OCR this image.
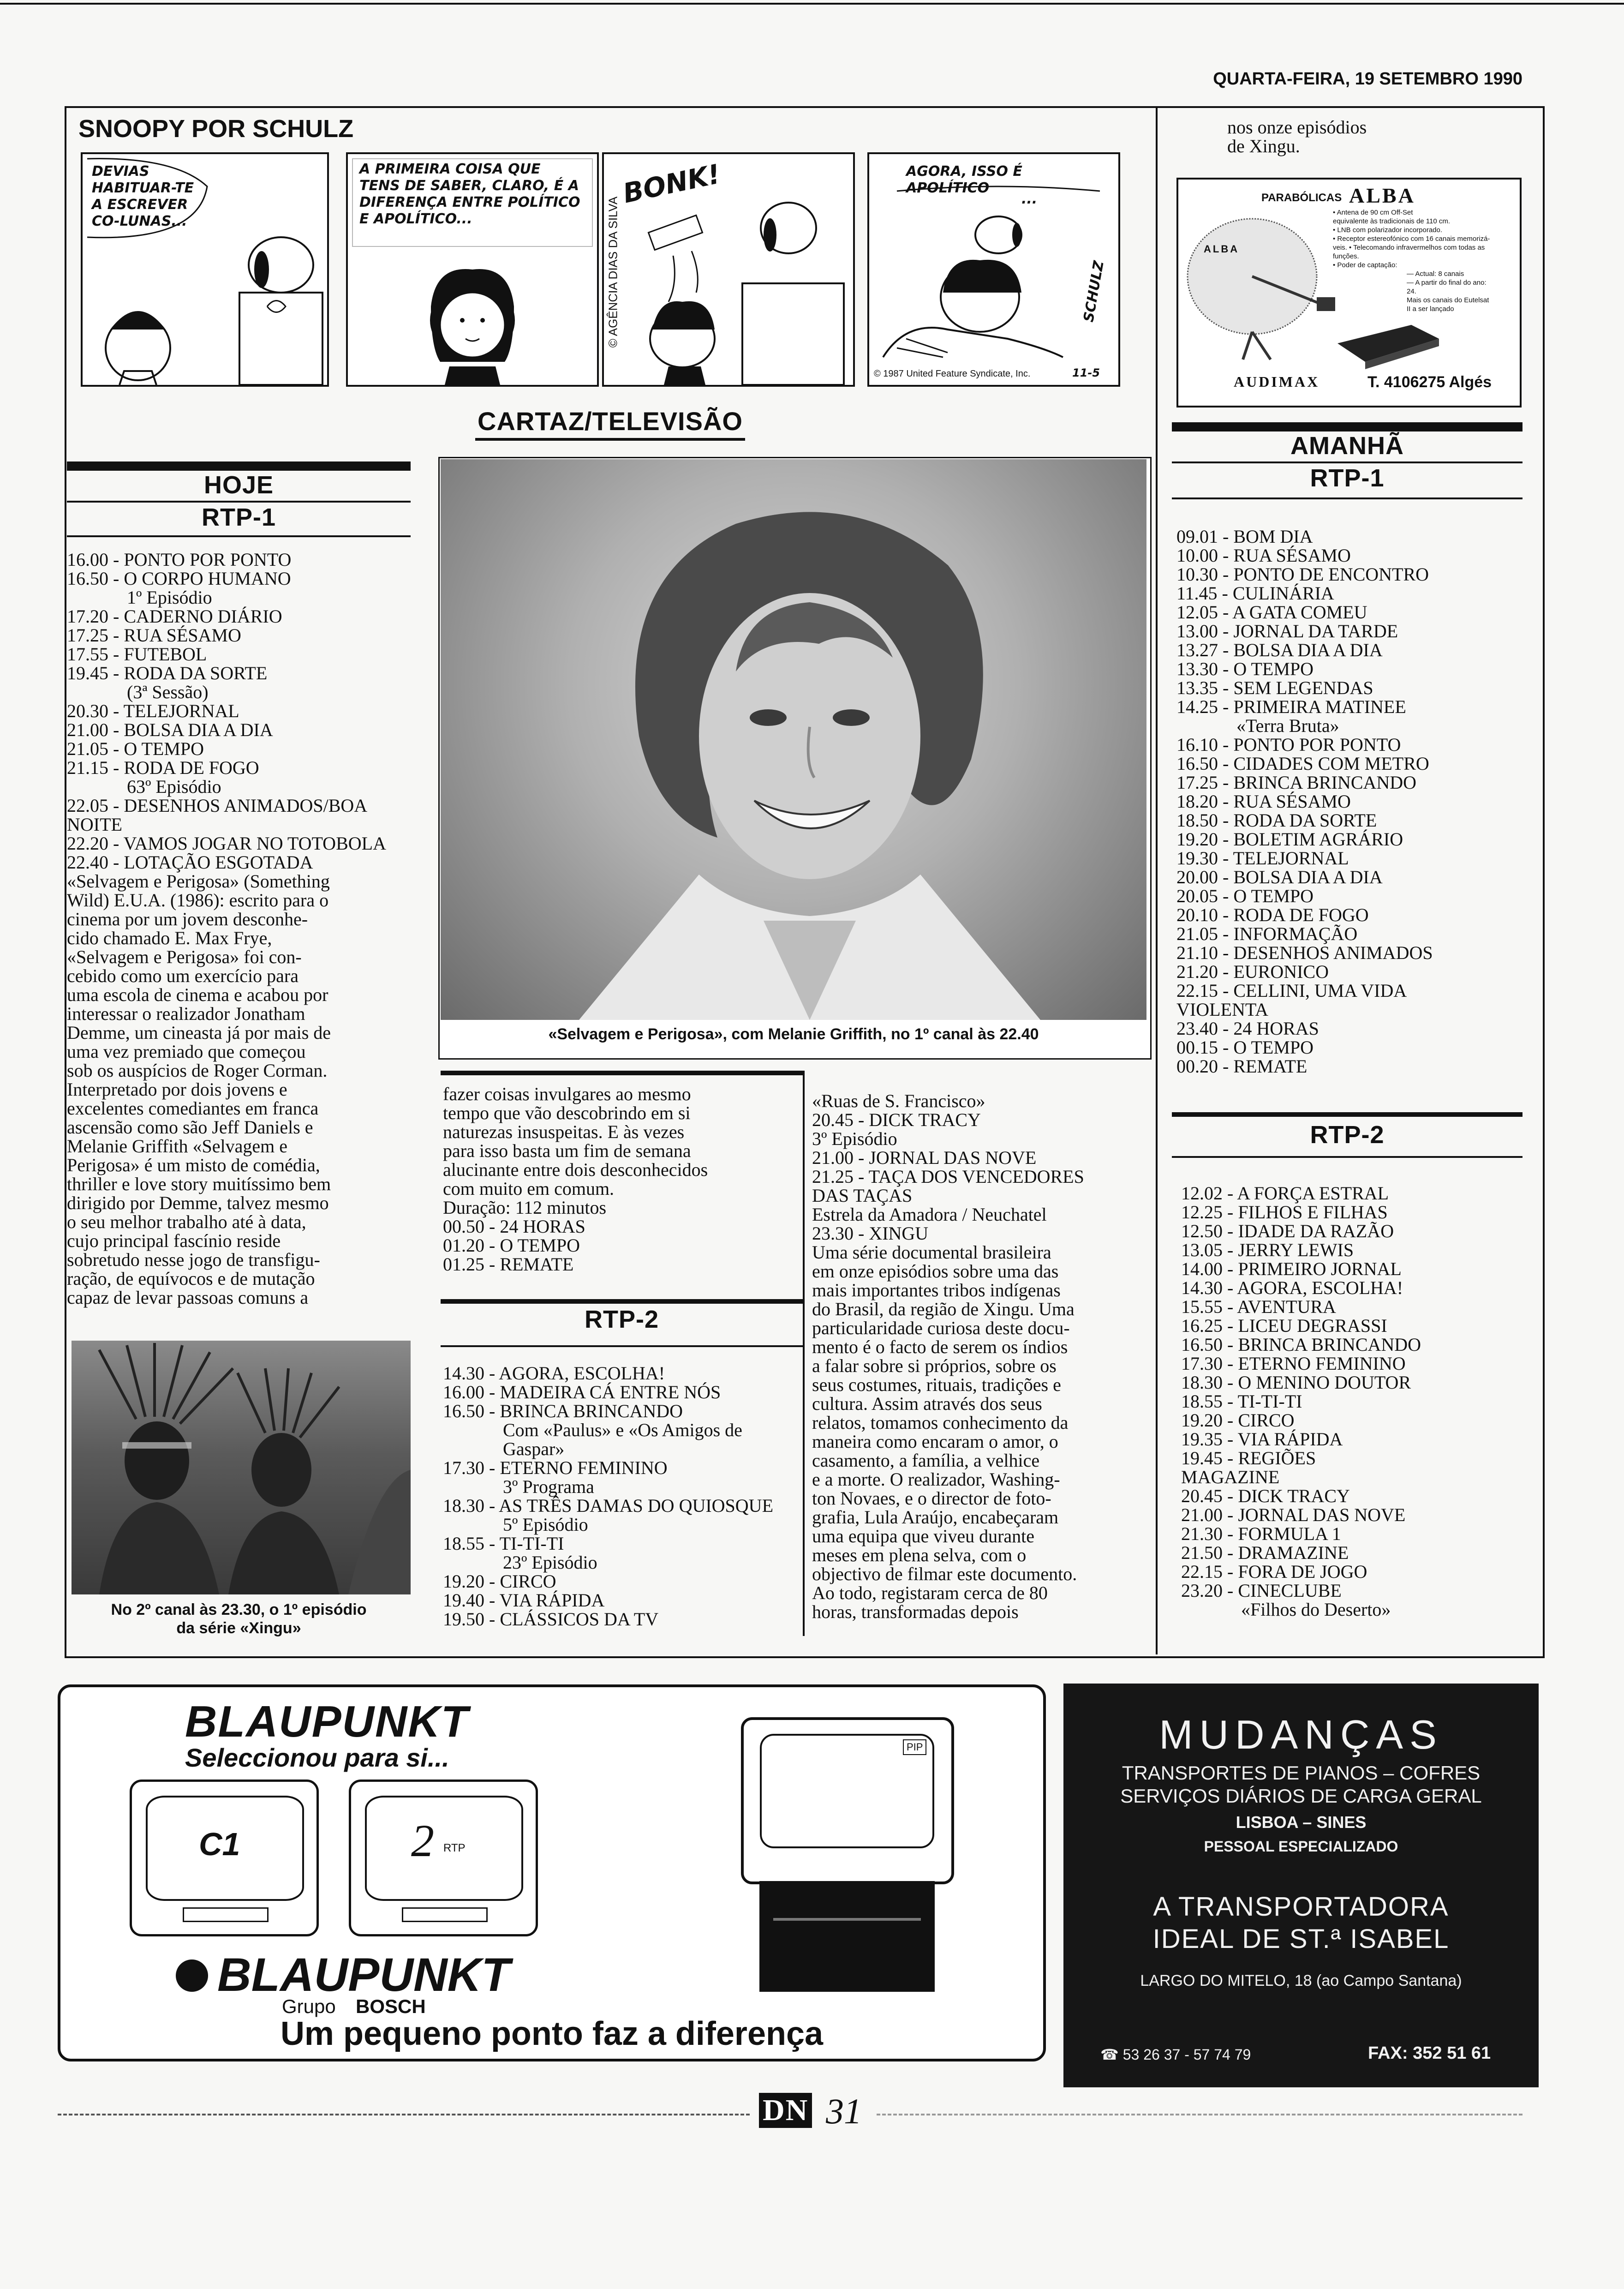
QUARTA-FEIRA, 19 SETEMBRO 1990
SNOOPY POR SCHULZ
DEVIAS HABITUAR-TE A ESCREVER CO-LUNAS...
A PRIMEIRA COISA QUE TENS DE SABER, CLARO, É A DIFERENÇA ENTRE POLÍTICO E APOLÍTICO...
BONK!
© AGÊNCIA DIAS DA SILVA
AGORA, ISSO É APOLÍTICO
...
SCHULZ
© 1987 United Feature Syndicate, Inc.	11-5
CARTAZ/TELEVISÃO
HOJE
RTP-1
16.00 - PONTO POR PONTO
16.50 - O CORPO HUMANO
1º Episódio
17.20 - CADERNO DIÁRIO
17.25 - RUA SÉSAMO
17.55 - FUTEBOL
19.45 - RODA DA SORTE
(3ª Sessão)
20.30 - TELEJORNAL
21.00 - BOLSA DIA A DIA
21.05 - O TEMPO
21.15 - RODA DE FOGO
63º Episódio
22.05 - DESENHOS ANIMADOS/BOA
NOITE
22.20 - VAMOS JOGAR NO TOTOBOLA
22.40 - LOTAÇÃO ESGOTADA
«Selvagem e Perigosa» (Something
Wild) E.U.A. (1986): escrito para o
cinema por um jovem desconhe-
cido chamado E. Max Frye,
«Selvagem e Perigosa» foi con-
cebido como um exercício para
uma escola de cinema e acabou por
interessar o realizador Jonatham
Demme, um cineasta já por mais de
uma vez premiado que começou
sob os auspícios de Roger Corman.
Interpretado por dois jovens e
excelentes comediantes em franca
ascensão como são Jeff Daniels e
Melanie Griffith «Selvagem e
Perigosa» é um misto de comédia,
thriller e love story muitíssimo bem
dirigido por Demme, talvez mesmo
o seu melhor trabalho até à data,
cujo principal fascínio reside
sobretudo nesse jogo de transfigu-
ração, de equívocos e de mutação
capaz de levar passoas comuns a
No 2º canal às 23.30, o 1º episódio
da série «Xingu»
«Selvagem e Perigosa», com Melanie Griffith, no 1º canal às 22.40
fazer coisas invulgares ao mesmo
tempo que vão descobrindo em si
naturezas insuspeitas. E às vezes
para isso basta um fim de semana
alucinante entre dois desconhecidos
com muito em comum.
Duração: 112 minutos
00.50 - 24 HORAS
01.20 - O TEMPO
01.25 - REMATE
RTP-2
14.30 - AGORA, ESCOLHA!
16.00 - MADEIRA CÁ ENTRE NÓS
16.50 - BRINCA BRINCANDO
Com «Paulus» e «Os Amigos de
Gaspar»
17.30 - ETERNO FEMININO
3º Programa
18.30 - AS TRÊS DAMAS DO QUIOSQUE
5º Episódio
18.55 - TI-TI-TI
23º Episódio
19.20 - CIRCO
19.40 - VIA RÁPIDA
19.50 - CLÁSSICOS DA TV
«Ruas de S. Francisco»
20.45 - DICK TRACY
3º Episódio
21.00 - JORNAL DAS NOVE
21.25 - TAÇA DOS VENCEDORES
DAS TAÇAS
Estrela da Amadora / Neuchatel
23.30 - XINGU
Uma série documental brasileira
em onze episódios sobre uma das
mais importantes tribos indígenas
do Brasil, da região de Xingu. Uma
particularidade curiosa deste docu-
mento é o facto de serem os índios
a falar sobre si próprios, sobre os
seus costumes, rituais, tradições e
cultura. Assim através dos seus
relatos, tomamos conhecimento da
maneira como encaram o amor, o
casamento, a família, a velhice
e a morte. O realizador, Washing-
ton Novaes, e o director de foto-
grafia, Lula Araújo, encabeçaram
uma equipa que viveu durante
meses em plena selva, com o
objectivo de filmar este documento.
Ao todo, registaram cerca de 80
horas, transformadas depois
nos onze episódios
de Xingu.
PARABÓLICAS ALBA
ALBA
• Antena de 90 cm Off-Set
equivalente às tradicionais de 110 cm.
• LNB com polarizador incorporado.
• Receptor estereofónico com 16 canais memorizá-
veis. • Telecomando infravermelhos com todas as
funções.
• Poder de captação:
— Actual: 8 canais
— A partir do final do ano:
24.
Mais os canais do Eutelsat
II a ser lançado
AUDIMAX	T. 4106275 Algés
AMANHÃ
RTP-1
09.01 - BOM DIA
10.00 - RUA SÉSAMO
10.30 - PONTO DE ENCONTRO
11.45 - CULINÁRIA
12.05 - A GATA COMEU
13.00 - JORNAL DA TARDE
13.27 - BOLSA DIA A DIA
13.30 - O TEMPO
13.35 - SEM LEGENDAS
14.25 - PRIMEIRA MATINEE
«Terra Bruta»
16.10 - PONTO POR PONTO
16.50 - CIDADES COM METRO
17.25 - BRINCA BRINCANDO
18.20 - RUA SÉSAMO
18.50 - RODA DA SORTE
19.20 - BOLETIM AGRÁRIO
19.30 - TELEJORNAL
20.00 - BOLSA DIA A DIA
20.05 - O TEMPO
20.10 - RODA DE FOGO
21.05 - INFORMAÇÃO
21.10 - DESENHOS ANIMADOS
21.20 - EURONICO
22.15 - CELLINI, UMA VIDA
VIOLENTA
23.40 - 24 HORAS
00.15 - O TEMPO
00.20 - REMATE
RTP-2
12.02 - A FORÇA ESTRAL
12.25 - FILHOS E FILHAS
12.50 - IDADE DA RAZÃO
13.05 - JERRY LEWIS
14.00 - PRIMEIRO JORNAL
14.30 - AGORA, ESCOLHA!
15.55 - AVENTURA
16.25 - LICEU DEGRASSI
16.50 - BRINCA BRINCANDO
17.30 - ETERNO FEMININO
18.30 - O MENINO DOUTOR
18.55 - TI-TI-TI
19.20 - CIRCO
19.35 - VIA RÁPIDA
19.45 - REGIÕES
MAGAZINE
20.45 - DICK TRACY
21.00 - JORNAL DAS NOVE
21.30 - FORMULA 1
21.50 - DRAMAZINE
22.15 - FORA DE JOGO
23.20 - CINECLUBE
«Filhos do Deserto»
BLAUPUNKT
Seleccionou para si...
C1	2 RTP
PIP
BLAUPUNKT
Grupo BOSCH
Um pequeno ponto faz a diferença
MUDANÇAS
TRANSPORTES DE PIANOS – COFRES
SERVIÇOS DIÁRIOS DE CARGA GERAL
LISBOA – SINES
PESSOAL ESPECIALIZADO
A TRANSPORTADORA
IDEAL DE ST.ª ISABEL
LARGO DO MITELO, 18 (ao Campo Santana)
☎ 53 26 37 - 57 74 79	FAX: 352 51 61
DN 31
